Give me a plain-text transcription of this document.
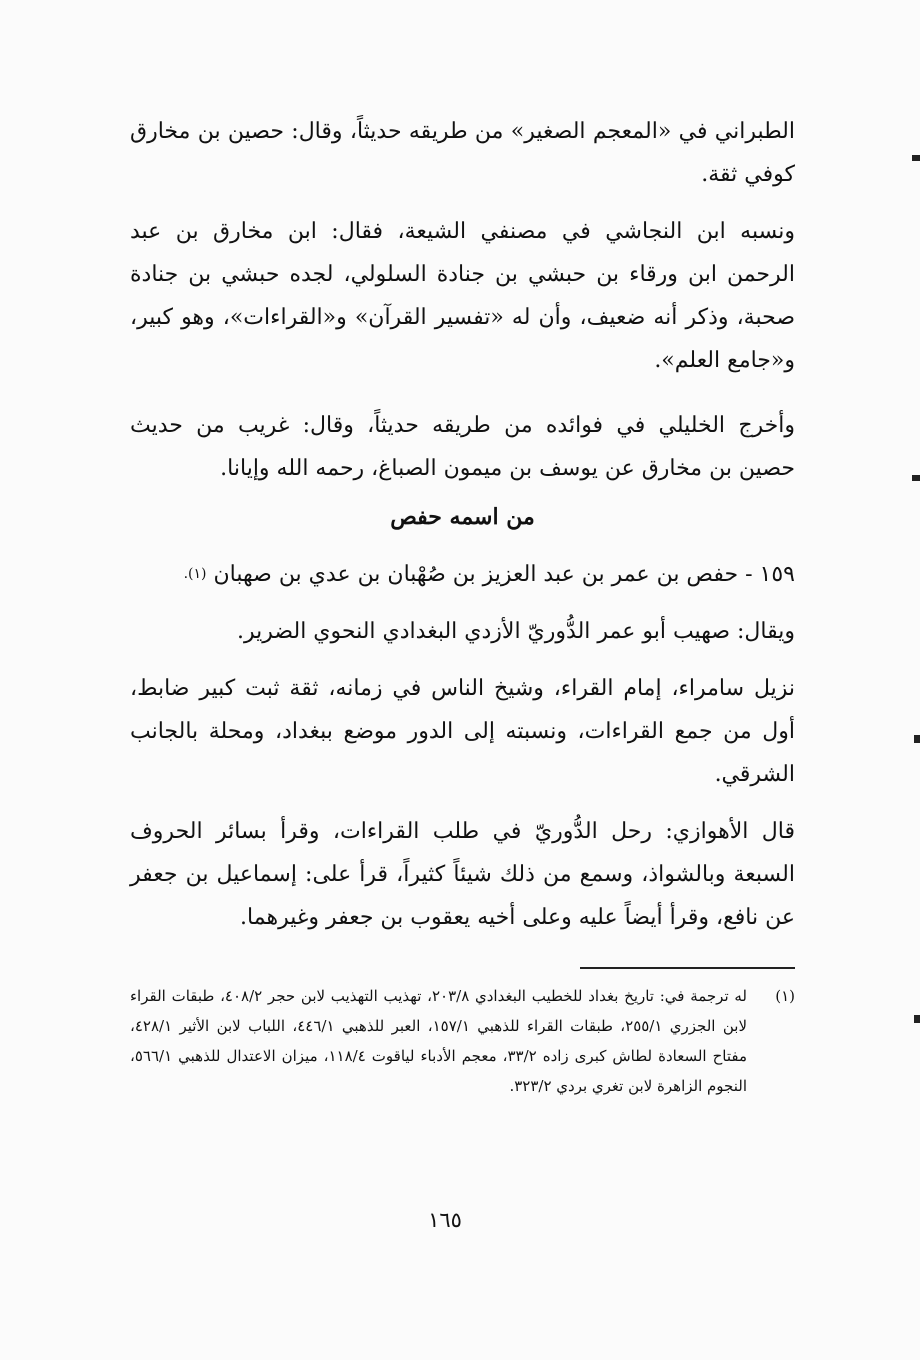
الطبراني في «المعجم الصغير» من طريقه حديثاً، وقال: حصين بن مخارق كوفي ثقة.

ونسبه ابن النجاشي في مصنفي الشيعة، فقال: ابن مخارق بن عبد الرحمن ابن ورقاء بن حبشي بن جنادة السلولي، لجده حبشي بن جنادة صحبة، وذكر أنه ضعيف، وأن له «تفسير القرآن» و«القراءات»، وهو كبير، و«جامع العلم».

وأخرج الخليلي في فوائده من طريقه حديثاً، وقال: غريب من حديث حصين بن مخارق عن يوسف بن ميمون الصباغ، رحمه الله وإيانا.

من اسمه حفص

١٥٩ - حفص بن عمر بن عبد العزيز بن صُهْبان بن عدي بن صهبان $^{(١).}$

ويقال: صهيب أبو عمر الدُّوريّ الأزدي البغدادي النحوي الضرير.

نزيل سامراء، إمام القراء، وشيخ الناس في زمانه، ثقة ثبت كبير ضابط، أول من جمع القراءات، ونسبته إلى الدور موضع ببغداد، ومحلة بالجانب الشرقي.

قال الأهوازي: رحل الدُّوريّ في طلب القراءات، وقرأ بسائر الحروف السبعة وبالشواذ، وسمع من ذلك شيئاً كثيراً، قرأ على: إسماعيل بن جعفر عن نافع، وقرأ أيضاً عليه وعلى أخيه يعقوب بن جعفر وغيرهما.

(١)
له ترجمة في: تاريخ بغداد للخطيب البغدادي ٢٠٣/٨، تهذيب التهذيب لابن حجر ٤٠٨/٢، طبقات القراء لابن الجزري ٢٥٥/١، طبقات القراء للذهبي ١٥٧/١، العبر للذهبي ٤٤٦/١، اللباب لابن الأثير ٤٢٨/١، مفتاح السعادة لطاش كبرى زاده ٣٣/٢، معجم الأدباء لياقوت ١١٨/٤، ميزان الاعتدال للذهبي ٥٦٦/١، النجوم الزاهرة لابن تغري بردي ٣٢٣/٢.
١٦٥
